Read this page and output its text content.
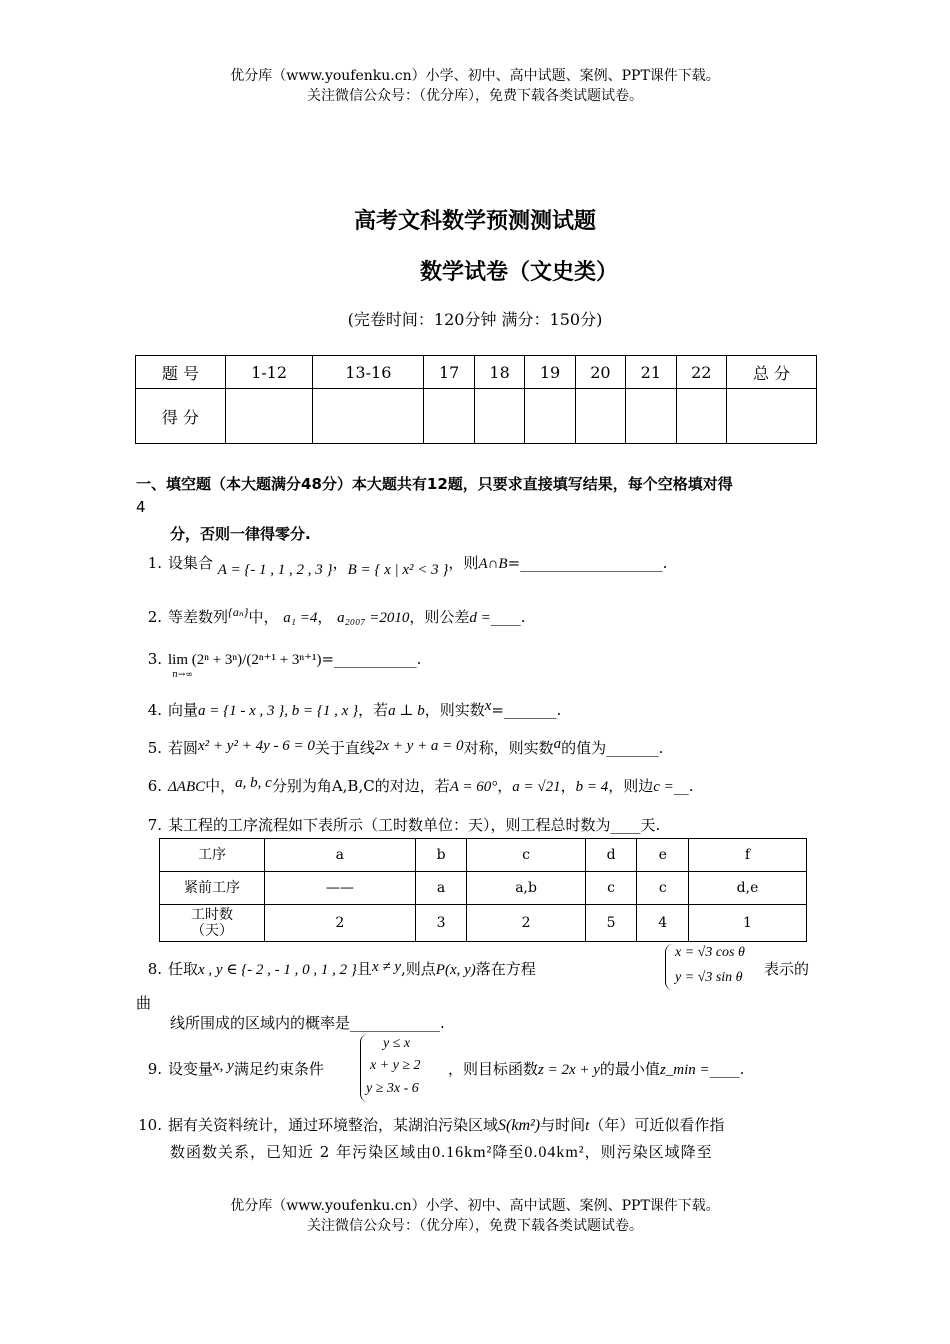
优分库（www.youfenku.cn）小学、初中、高中试题、案例、PPT课件下载。
关注微信公众号：（优分库），免费下载各类试题试卷。
高考文科数学预测测试题
数学试卷（文史类）
(完卷时间：120分钟 满分：150分)
题 号	1-12	13-16	17	18	19	20	21	22	总 分
得 分									
一、填空题（本大题满分48分）本大题共有12题，只要求直接填写结果，每个空格填对得
4
分，否则一律得零分.
1. 设集合 A = {- 1 , 1 , 2 , 3 }，B = { x | x² < 3 }，则A∩B=___________________.
2. 等差数列$^{\{a_n\}}$中， a₁ =4， a₂₀₀₇ =2010，则公差d =____.
3. lim (2ⁿ + 3ⁿ)/(2ⁿ⁺¹ + 3ⁿ⁺¹)=___________.
n→∞
4. 向量a = {1 - x , 3 }, b = {1 , x }，若a ⊥ b，则实数x=_______.
5. 若圆x² + y² + 4y - 6 = 0关于直线2x + y + a = 0对称，则实数a的值为_______.
6. ΔABC中，a, b, c分别为角A,B,C的对边，若A = 60°，a = √21，b = 4，则边c =__.
7. 某工程的工序流程如下表所示（工时数单位：天），则工程总时数为____天.
工序	a	b	c	d	e	f
紧前工序	——	a	a,b	c	c	d,e
工时数
（天）	2	3	2	5	4	1
8. 任取x , y ∈ {- 2 , - 1 , 0 , 1 , 2 }且x ≠ y,则点P(x, y)落在方程
x = √3 cos θ
y = √3 sin θ 表示的
曲
线所围成的区域内的概率是____________.
9. 设变量x, y满足约束条件
y ≤ x
x + y ≥ 2
y ≥ 3x - 6
，则目标函数z = 2x + y的最小值z_min =____.
10. 据有关资料统计，通过环境整治，某湖泊污染区域S(km²)与时间t（年）可近似看作指
数函数关系，已知近 2 年污染区域由0.16km²降至0.04km²，则污染区域降至
优分库（www.youfenku.cn）小学、初中、高中试题、案例、PPT课件下载。
关注微信公众号：（优分库），免费下载各类试题试卷。
